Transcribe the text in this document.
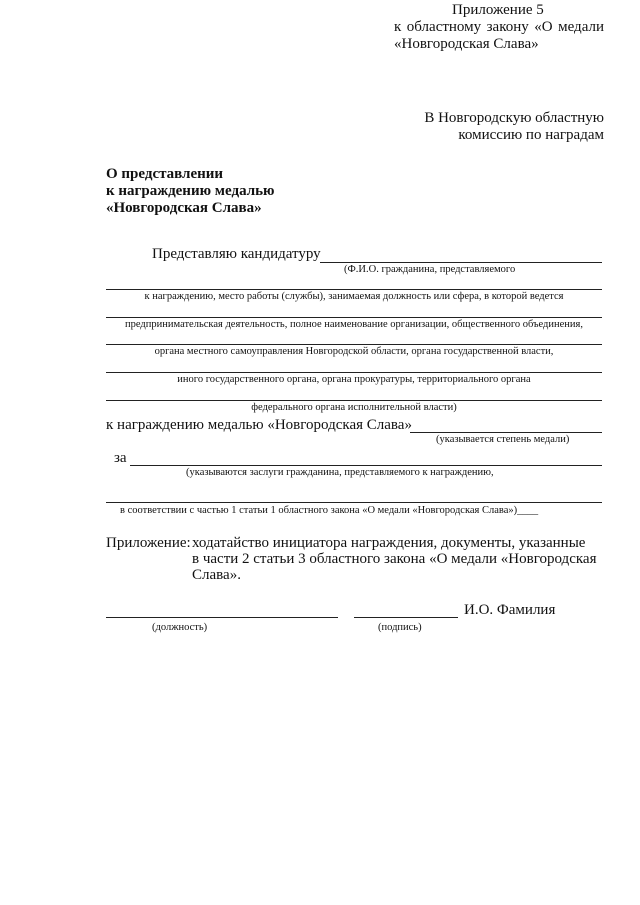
Приложение 5
к областному закону «О медали
«Новгородская Слава»
В Новгородскую областную
комиссию по наградам
О представлении
к награждению медалью
«Новгородская Слава»
Представляю кандидатуру
(Ф.И.О. гражданина, представляемого
к награждению, место работы (службы), занимаемая должность или сфера, в которой ведется
предпринимательская деятельность, полное наименование организации, общественного объединения,
органа местного самоуправления Новгородской области, органа государственной власти,
иного государственного органа, органа прокуратуры, территориального органа
федерального органа исполнительной власти)
к награждению медалью «Новгородская Слава»
(указывается степень медали)
за
(указываются заслуги гражданина, представляемого к награждению,
в соответствии с частью 1 статьи 1 областного закона «О медали «Новгородская Слава»)____
Приложение: ходатайство инициатора награждения, документы, указанные
в части 2 статьи 3 областного закона «О медали «Новгородская
Слава».
И.О. Фамилия
(должность)	(подпись)
